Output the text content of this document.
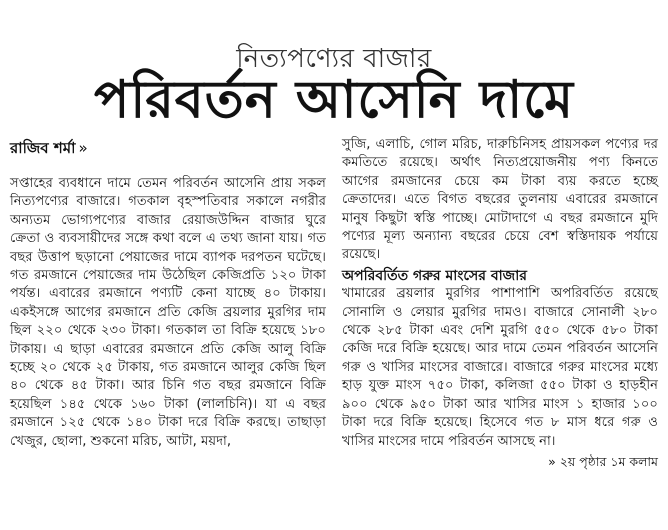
নিত্যপণ্যের বাজার
পরিবর্তন আসেনি দামে
রাজিব শর্মা »

সপ্তাহের ব্যবধানে দামে তেমন পরিবর্তন আসেনি প্রায় সকল নিত্যপণ্যের বাজারে। গতকাল বৃহস্পতিবার সকালে নগরীর অন্যতম ভোগ্যপণ্যের বাজার রেয়াজউদ্দিন বাজার ঘুরে ক্রেতা ও ব্যবসায়ীদের সঙ্গে কথা বলে এ তথ্য জানা যায়। গত বছর উত্তাপ ছড়ানো পেয়াজের দামে ব্যাপক দরপতন ঘটেছে। গত রমজানে পেয়াজের দাম উঠেছিল কেজিপ্রতি ১২০ টাকা পর্যন্ত। এবারের রমজানে পণ্যটি কেনা যাচ্ছে ৪০ টাকায়। একইসঙ্গে আগের রমজানে প্রতি কেজি ব্রয়লার মুরগির দাম ছিল ২২০ থেকে ২৩০ টাকা। গতকাল তা বিক্রি হয়েছে ১৮০ টাকায়। এ ছাড়া এবারের রমজানে প্রতি কেজি আলু বিক্রি হচ্ছে ২০ থেকে ২৫ টাকায়, গত রমজানে আলুর কেজি ছিল ৪০ থেকে ৪৫ টাকা। আর চিনি গত বছর রমজানে বিক্রি হয়েছিল ১৪৫ থেকে ১৬০ টাকা (লালচিনি)। যা এ বছর রমজানে ১২৫ থেকে ১৪০ টাকা দরে বিক্রি করছে। তাছাড়া খেজুর, ছোলা, শুকনো মরিচ, আটা, ময়দা,

সুজি, এলাচি, গোল মরিচ, দারুচিনিসহ প্রায়সকল পণ্যের দর কমতিতে রয়েছে। অর্থাৎ নিত্যপ্রয়োজনীয় পণ্য কিনতে আগের রমজানের চেয়ে কম টাকা ব্যয় করতে হচ্ছে ক্রেতাদের। এতে বিগত বছরের তুলনায় এবারের রমজানে মানুষ কিছুটা স্বস্তি পাচ্ছে। মোটাদাগে এ বছর রমজানে মুদি পণ্যের মূল্য অন্যান্য বছরের চেয়ে বেশ স্বস্তিদায়ক পর্যায়ে রয়েছে।

অপরিবর্তিত গরুর মাংসের বাজার

খামারের ব্রয়লার মুরগির পাশাপাশি অপরিবর্তিত রয়েছে সোনালি ও লেয়ার মুরগির দামও। বাজারে সোনালী ২৮০ থেকে ২৮৫ টাকা এবং দেশি মুরগি ৫৫০ থেকে ৫৮০ টাকা কেজি দরে বিক্রি হয়েছে। আর দামে তেমন পরিবর্তন আসেনি গরু ও খাসির মাংসের বাজারে। বাজারে গরুর মাংসের মধ্যে হাড় যুক্ত মাংস ৭৫০ টাকা, কলিজা ৫৫০ টাকা ও হাড়হীন ৯০০ থেকে ৯৫০ টাকা আর খাসির মাংস ১ হাজার ১০০ টাকা দরে বিক্রি হয়েছে। হিসেবে গত ৮ মাস ধরে গরু ও খাসির মাংসের দামে পরিবর্তন আসছে না।

» ২য় পৃষ্ঠার ১ম কলাম
